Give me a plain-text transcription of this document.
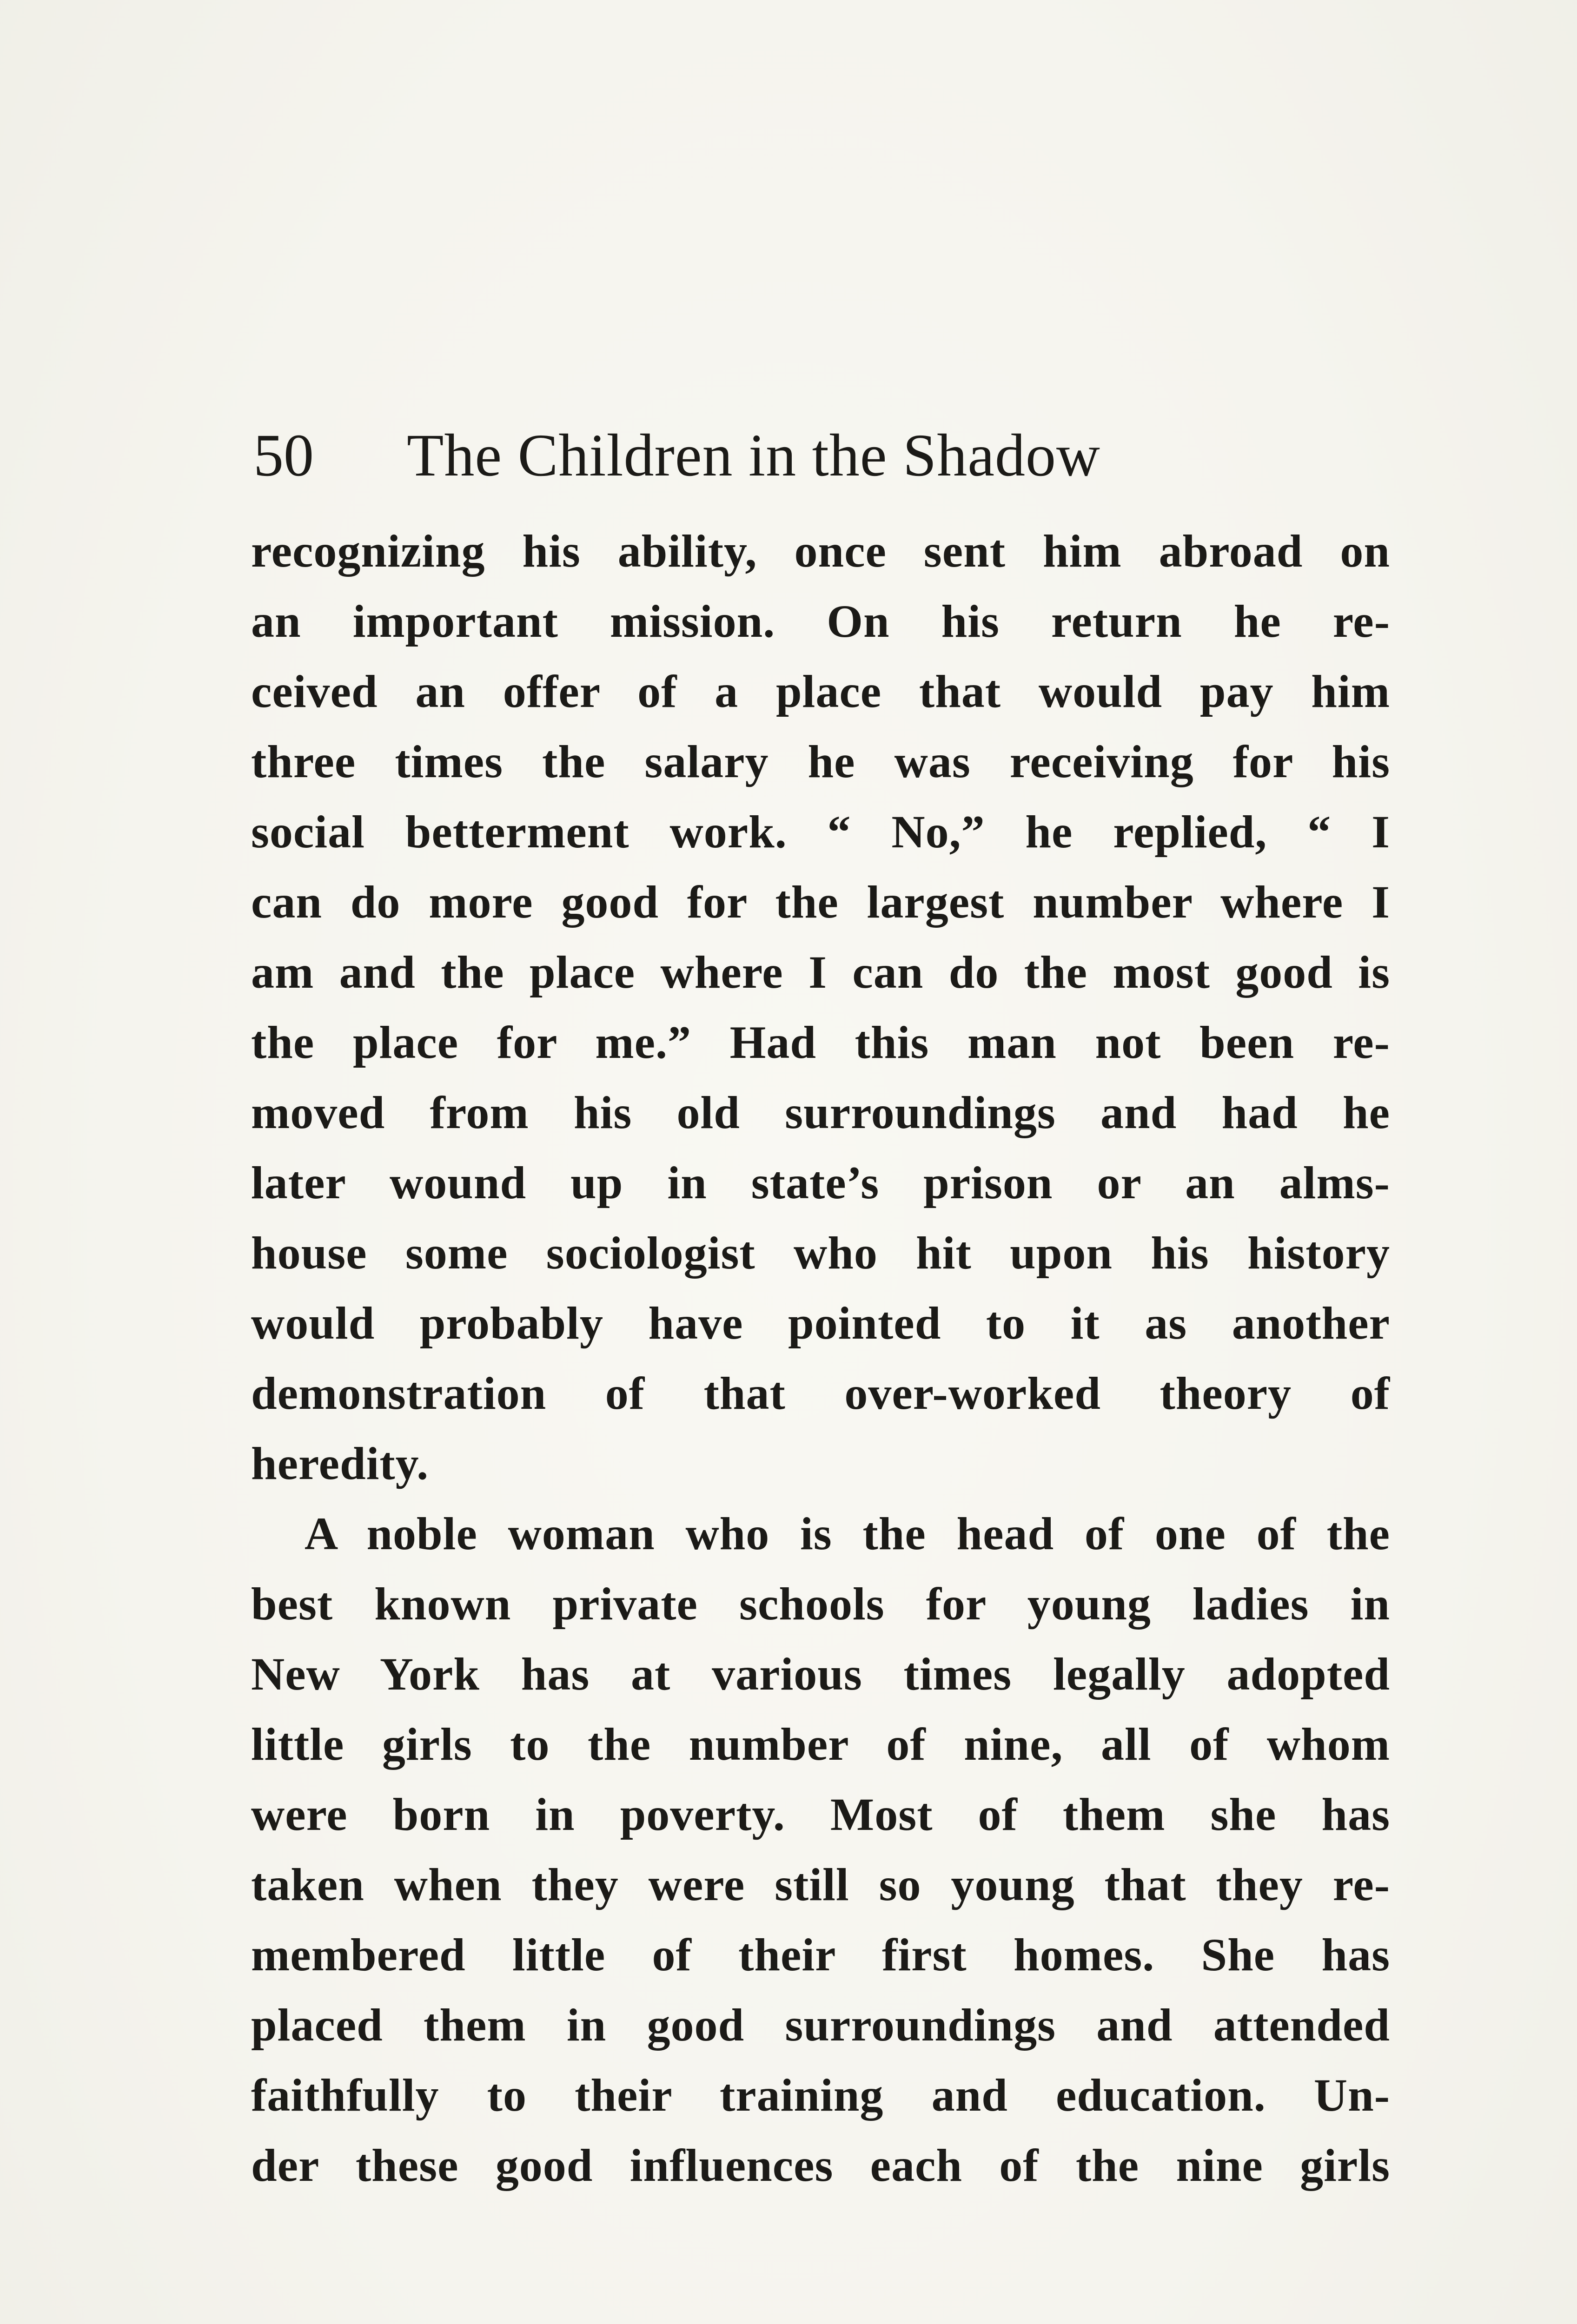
50 The Children in the Shadow
recognizing his ability, once sent him abroad on
an important mission. On his return he re-
ceived an offer of a place that would pay him
three times the salary he was receiving for his
social betterment work. “ No,” he replied, “ I
can do more good for the largest number where I
am and the place where I can do the most good is
the place for me.” Had this man not been re-
moved from his old surroundings and had he
later wound up in state’s prison or an alms-
house some sociologist who hit upon his history
would probably have pointed to it as another
demonstration of that over-worked theory of
heredity.
A noble woman who is the head of one of the
best known private schools for young ladies in
New York has at various times legally adopted
little girls to the number of nine, all of whom
were born in poverty. Most of them she has
taken when they were still so young that they re-
membered little of their first homes. She has
placed them in good surroundings and attended
faithfully to their training and education. Un-
der these good influences each of the nine girls
